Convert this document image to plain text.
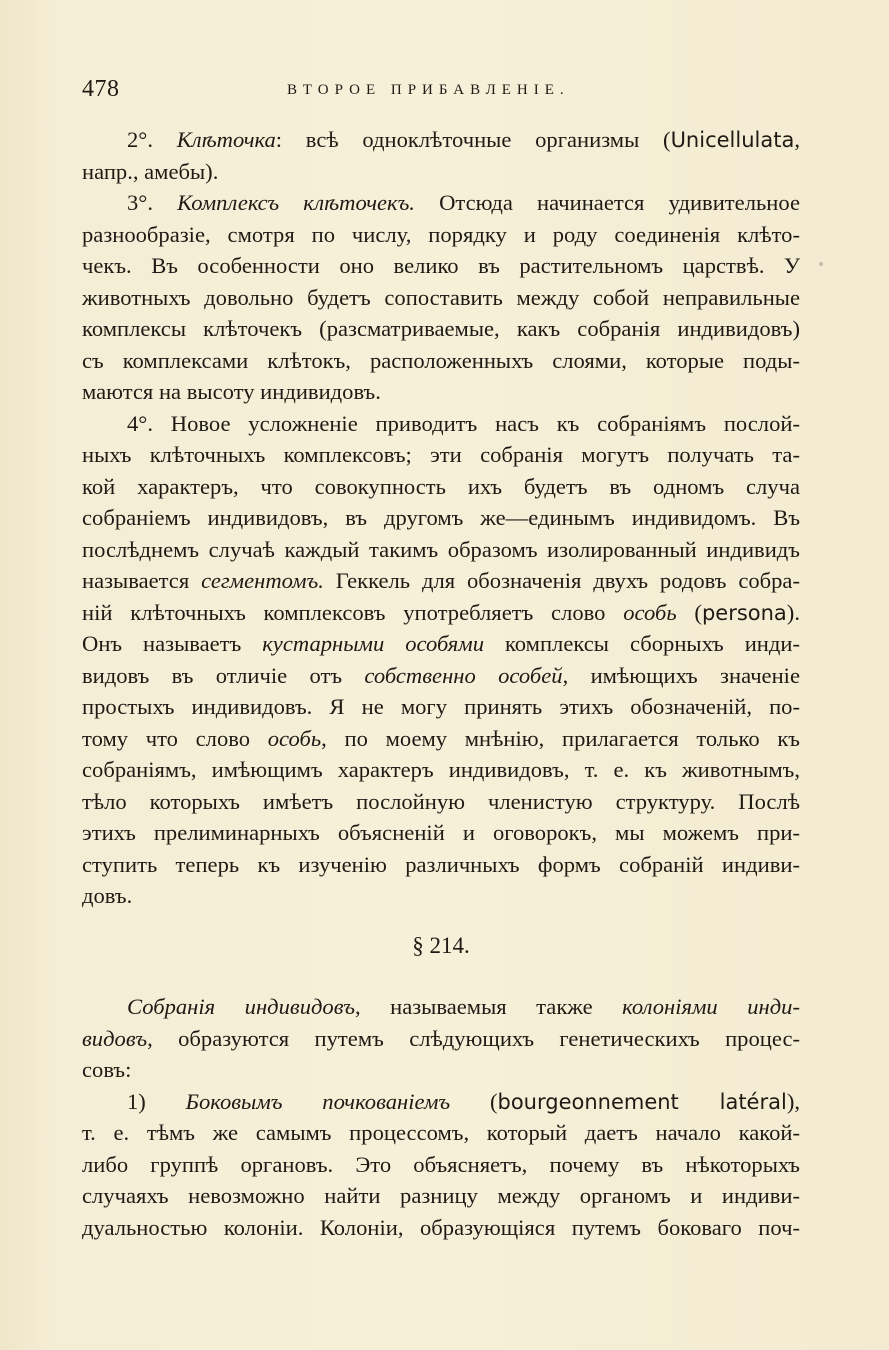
478	ВТОРОЕ ПРИБАВЛЕНІЕ.
2°. Клѣточка: всѣ одноклѣточные организмы (Unicellulata,
напр., амебы).
3°. Комплексъ клѣточекъ. Отсюда начинается удивительное
разнообразіе, смотря по числу, порядку и роду соединенія клѣто-
чекъ. Въ особенности оно велико въ растительномъ царствѣ. У
животныхъ довольно будетъ сопоставить между собой неправильные
комплексы клѣточекъ (разсматриваемые, какъ собранія индивидовъ)
съ комплексами клѣтокъ, расположенныхъ слоями, которые поды-
маются на высоту индивидовъ.
4°. Новое усложненіе приводитъ насъ къ собраніямъ послой-
ныхъ клѣточныхъ комплексовъ; эти собранія могутъ получать та-
кой характеръ, что совокупность ихъ будетъ въ одномъ случа
собраніемъ индивидовъ, въ другомъ же—единымъ индивидомъ. Въ
послѣднемъ случаѣ каждый такимъ образомъ изолированный индивидъ
называется сегментомъ. Геккель для обозначенія двухъ родовъ собра-
ній клѣточныхъ комплексовъ употребляетъ слово особь (persona).
Онъ называетъ кустарными особями комплексы сборныхъ инди-
видовъ въ отличіе отъ собственно особей, имѣющихъ значеніе
простыхъ индивидовъ. Я не могу принять этихъ обозначеній, по-
тому что слово особь, по моему мнѣнію, прилагается только къ
собраніямъ, имѣющимъ характеръ индивидовъ, т. е. къ животнымъ,
тѣло которыхъ имѣетъ послойную членистую структуру. Послѣ
этихъ прелиминарныхъ объясненій и оговорокъ, мы можемъ при-
ступить теперь къ изученію различныхъ формъ собраній индиви-
довъ.
§ 214.
Собранія индивидовъ, называемыя также колоніями инди-
видовъ, образуются путемъ слѣдующихъ генетическихъ процес-
совъ:
1) Боковымъ почкованіемъ (bourgeonnement latéral),
т. е. тѣмъ же самымъ процессомъ, который даетъ начало какой-
либо группѣ органовъ. Это объясняетъ, почему въ нѣкоторыхъ
случаяхъ невозможно найти разницу между органомъ и индиви-
дуальностью колоніи. Колоніи, образующіяся путемъ боковаго поч-
